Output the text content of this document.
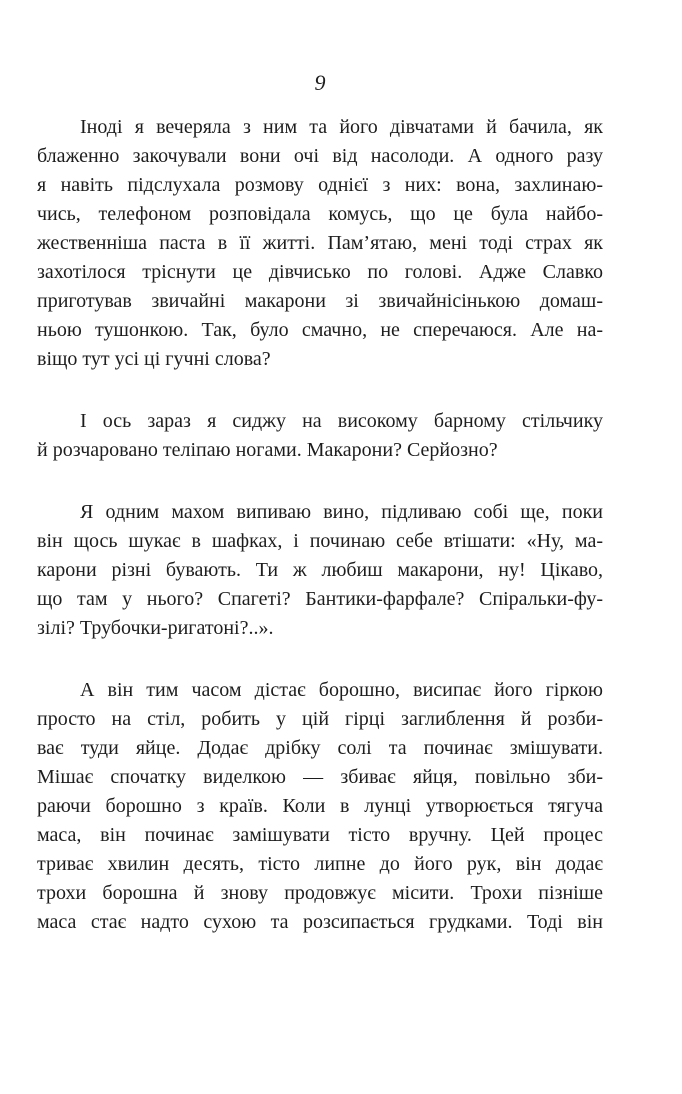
9
Іноді я вечеряла з ним та його дівчатами й бачила, як
блаженно закочували вони очі від насолоди. А одного разу
я навіть підслухала розмову однієї з них: вона, захлинаю-
чись, телефоном розповідала комусь, що це була найбо-
жественніша паста в її житті. Пам’ятаю, мені тоді страх як
захотілося тріснути це дівчисько по голові. Адже Славко
приготував звичайні макарони зі звичайнісінькою домаш-
ньою тушонкою. Так, було смачно, не сперечаюся. Але на-
віщо тут усі ці гучні слова?
І ось зараз я сиджу на високому барному стільчику
й розчаровано теліпаю ногами. Макарони? Серйозно?
Я одним махом випиваю вино, підливаю собі ще, поки
він щось шукає в шафках, і починаю себе втішати: «Ну, ма-
карони різні бувають. Ти ж любиш макарони, ну! Цікаво,
що там у нього? Спагеті? Бантики-фарфале? Спіральки-фу-
зілі? Трубочки-ригатоні?..».
А він тим часом дістає борошно, висипає його гіркою
просто на стіл, робить у цій гірці заглиблення й розби-
ває туди яйце. Додає дрібку солі та починає змішувати.
Мішає спочатку виделкою — збиває яйця, повільно зби-
раючи борошно з країв. Коли в лунці утворюється тягуча
маса, він починає замішувати тісто вручну. Цей процес
триває хвилин десять, тісто липне до його рук, він додає
трохи борошна й знову продовжує місити. Трохи пізніше
маса стає надто сухою та розсипається грудками. Тоді він
